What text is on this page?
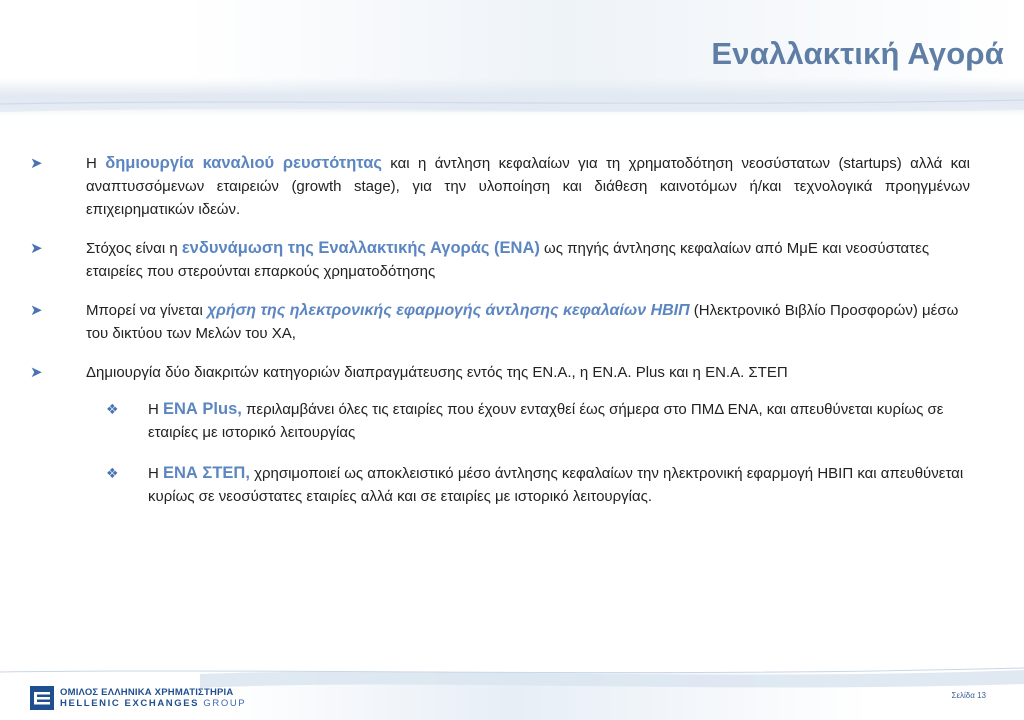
Εναλλακτική Αγορά
➤	Η δημιουργία καναλιού ρευστότητας και η άντληση κεφαλαίων για τη χρηματοδότηση νεοσύστατων (startups) αλλά και αναπτυσσόμενων εταιρειών (growth stage), για την υλοποίηση και διάθεση καινοτόμων ή/και τεχνολογικά προηγμένων επιχειρηματικών ιδεών.
➤	Στόχος είναι η ενδυνάμωση της Εναλλακτικής Αγοράς (ΕΝΑ) ως πηγής άντλησης κεφαλαίων από ΜμΕ και νεοσύστατες εταιρείες που στερούνται επαρκούς χρηματοδότησης
➤	Μπορεί να γίνεται χρήση της ηλεκτρονικής εφαρμογής άντλησης κεφαλαίων ΗΒΙΠ (Ηλεκτρονικό Βιβλίο Προσφορών) μέσω του δικτύου των Μελών του ΧΑ,
➤	Δημιουργία δύο διακριτών κατηγοριών διαπραγμάτευσης εντός της ΕΝ.Α., η ΕΝ.Α. Plus και η ΕΝ.Α. ΣΤΕΠ
❖ Η ΕΝΑ Plus, περιλαμβάνει όλες τις εταιρίες που έχουν ενταχθεί έως σήμερα στο ΠΜΔ ΕΝΑ, και απευθύνεται κυρίως σε εταιρίες με ιστορικό λειτουργίας
❖ Η ΕΝΑ ΣΤΕΠ, χρησιμοποιεί ως αποκλειστικό μέσο άντλησης κεφαλαίων την ηλεκτρονική εφαρμογή ΗΒΙΠ και απευθύνεται κυρίως σε νεοσύστατες εταιρίες αλλά και σε εταιρίες με ιστορικό λειτουργίας.
ΟΜΙΛΟΣ ΕΛΛΗΝΙΚΑ ΧΡΗΜΑΤΙΣΤΗΡΙΑ
HELLENIC EXCHANGES GROUP
Σελίδα 13
